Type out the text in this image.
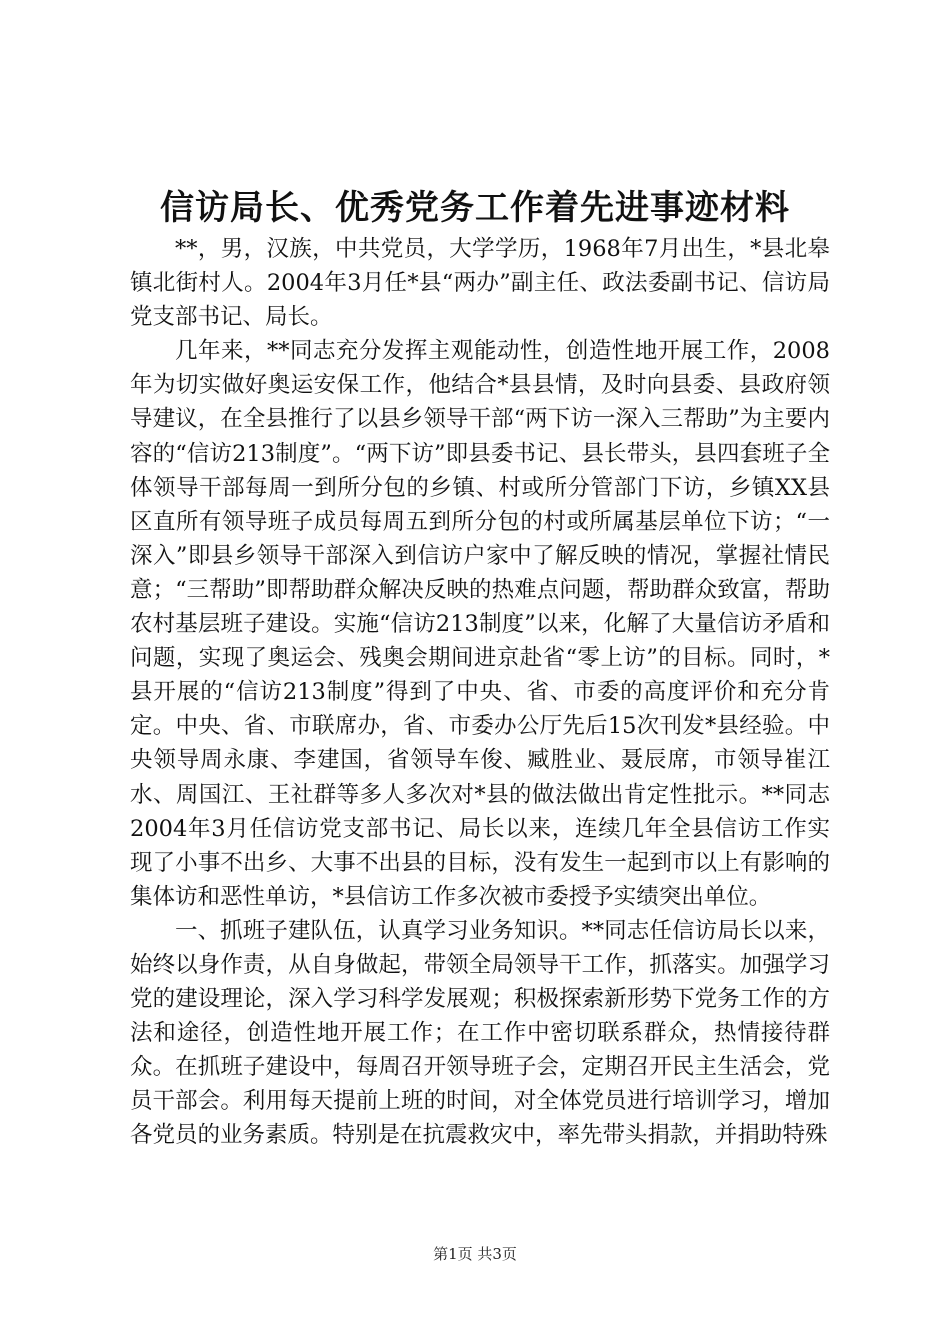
信访局长、优秀党务工作着先进事迹材料

**，男，汉族，中共党员，大学学历，1968年7月出生，*县北皋镇北街村人。2004年3月任*县“两办”副主任、政法委副书记、信访局党支部书记、局长。

几年来，**同志充分发挥主观能动性，创造性地开展工作，2008年为切实做好奥运安保工作，他结合*县县情，及时向县委、县政府领导建议，在全县推行了以县乡领导干部“两下访一深入三帮助”为主要内容的“信访213制度”。“两下访”即县委书记、县长带头，县四套班子全体领导干部每周一到所分包的乡镇、村或所分管部门下访，乡镇XX县区直所有领导班子成员每周五到所分包的村或所属基层单位下访；“一深入”即县乡领导干部深入到信访户家中了解反映的情况，掌握社情民意；“三帮助”即帮助群众解决反映的热难点问题，帮助群众致富，帮助农村基层班子建设。实施“信访213制度”以来，化解了大量信访矛盾和问题，实现了奥运会、残奥会期间进京赴省“零上访”的目标。同时，*县开展的“信访213制度”得到了中央、省、市委的高度评价和充分肯定。中央、省、市联席办，省、市委办公厅先后15次刊发*县经验。中央领导周永康、李建国，省领导车俊、臧胜业、聂辰席，市领导崔江水、周国江、王社群等多人多次对*县的做法做出肯定性批示。**同志2004年3月任信访党支部书记、局长以来，连续几年全县信访工作实现了小事不出乡、大事不出县的目标，没有发生一起到市以上有影响的集体访和恶性单访，*县信访工作多次被市委授予实绩突出单位。

一、抓班子建队伍，认真学习业务知识。**同志任信访局长以来，始终以身作责，从自身做起，带领全局领导干工作，抓落实。加强学习党的建设理论，深入学习科学发展观；积极探索新形势下党务工作的方法和途径，创造性地开展工作；在工作中密切联系群众，热情接待群众。在抓班子建设中，每周召开领导班子会，定期召开民主生活会，党员干部会。利用每天提前上班的时间，对全体党员进行培训学习，增加各党员的业务素质。特别是在抗震救灾中，率先带头捐款，并捐助特殊

第1页 共3页
